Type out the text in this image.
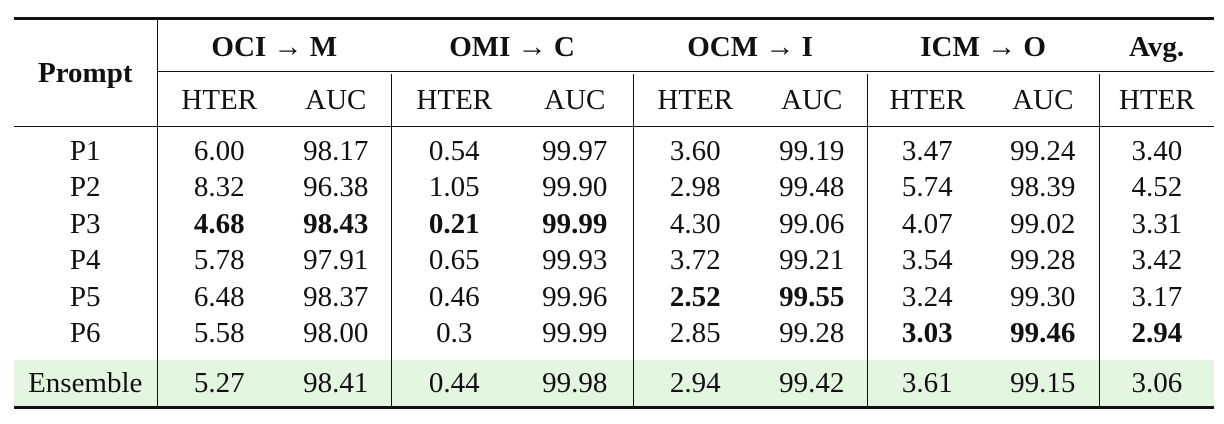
Prompt	OCI → M		OMI → C		OCM → I		ICM → O		Avg.
	HTER	AUC	HTER	AUC	HTER	AUC	HTER	AUC	HTER
P1	6.00	98.17	0.54	99.97	3.60	99.19	3.47	99.24	3.40
P2	8.32	96.38	1.05	99.90	2.98	99.48	5.74	98.39	4.52
P3	4.68	98.43	0.21	99.99	4.30	99.06	4.07	99.02	3.31
P4	5.78	97.91	0.65	99.93	3.72	99.21	3.54	99.28	3.42
P5	6.48	98.37	0.46	99.96	2.52	99.55	3.24	99.30	3.17
P6	5.58	98.00	0.3	99.99	2.85	99.28	3.03	99.46	2.94

Ensemble	5.27	98.41	0.44	99.98	2.94	99.42	3.61	99.15	3.06
